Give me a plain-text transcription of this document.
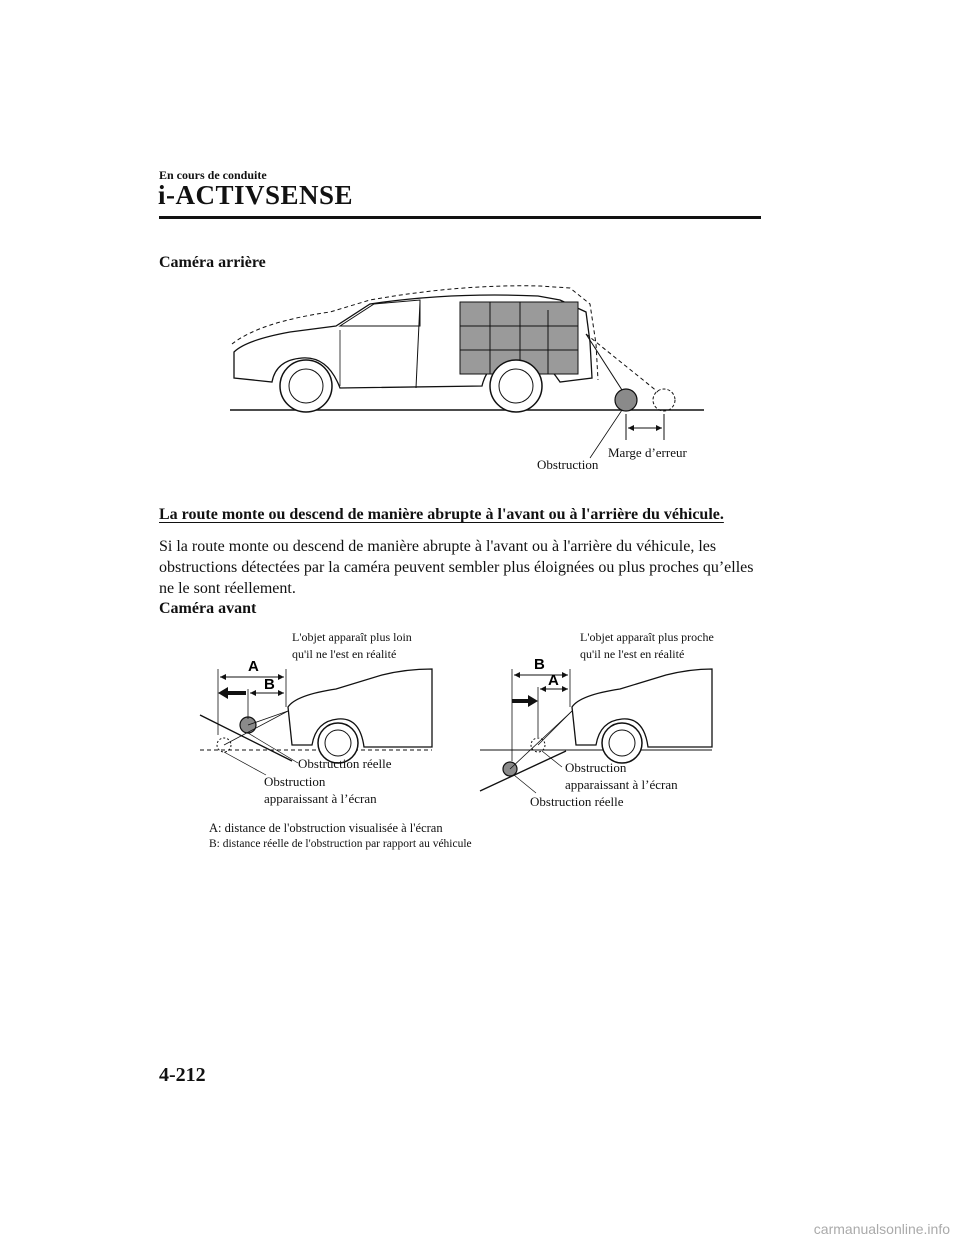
En cours de conduite
i-ACTIVSENSE
Caméra arrière
Marge d’erreur
Obstruction
La route monte ou descend de manière abrupte à l'avant ou à l'arrière du véhicule.
Si la route monte ou descend de manière abrupte à l'avant ou à l'arrière du véhicule, les obstructions détectées par la caméra peuvent sembler plus éloignées ou plus proches qu’elles ne le sont réellement.
Caméra avant
L'objet apparaît plus loin
qu'il ne l'est en réalité
A
B
Obstruction réelle
Obstruction
apparaissant à l’écran
L'objet apparaît plus proche
qu'il ne l'est en réalité
B
A
Obstruction
apparaissant à l’écran
Obstruction réelle
A: distance de l'obstruction visualisée à l'écran
B: distance réelle de l'obstruction par rapport au véhicule
4-212
carmanualsonline.info
